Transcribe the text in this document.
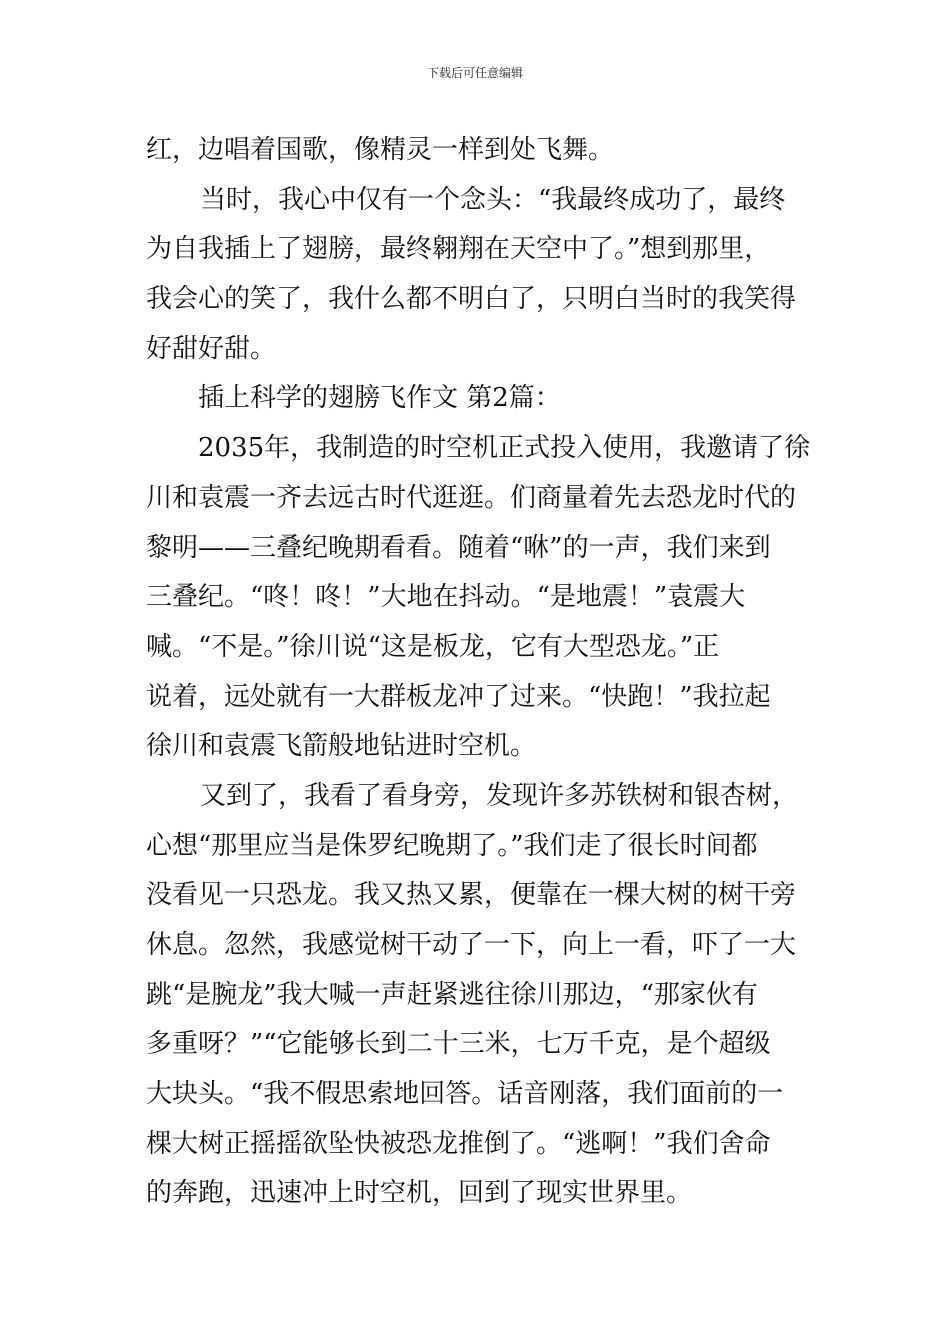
下载后可任意编辑
红，边唱着国歌，像精灵一样到处飞舞。
当时，我心中仅有一个念头：“我最终成功了，最终
为自我插上了翅膀，最终翱翔在天空中了。”想到那里，
我会心的笑了，我什么都不明白了，只明白当时的我笑得
好甜好甜。
插上科学的翅膀飞作文 第2篇：
2035年，我制造的时空机正式投入使用，我邀请了徐
川和袁震一齐去远古时代逛逛。们商量着先去恐龙时代的
黎明——三叠纪晚期看看。随着“咻”的一声，我们来到
三叠纪。“咚！咚！”大地在抖动。“是地震！”袁震大
喊。“不是。”徐川说“这是板龙，它有大型恐龙。”正
说着，远处就有一大群板龙冲了过来。“快跑！”我拉起
徐川和袁震飞箭般地钻进时空机。
又到了，我看了看身旁，发现许多苏铁树和银杏树，
心想“那里应当是侏罗纪晚期了。”我们走了很长时间都
没看见一只恐龙。我又热又累，便靠在一棵大树的树干旁
休息。忽然，我感觉树干动了一下，向上一看，吓了一大
跳“是腕龙”我大喊一声赶紧逃往徐川那边，“那家伙有
多重呀？”“它能够长到二十三米，七万千克，是个超级
大块头。“我不假思索地回答。话音刚落，我们面前的一
棵大树正摇摇欲坠快被恐龙推倒了。“逃啊！”我们舍命
的奔跑，迅速冲上时空机，回到了现实世界里。
